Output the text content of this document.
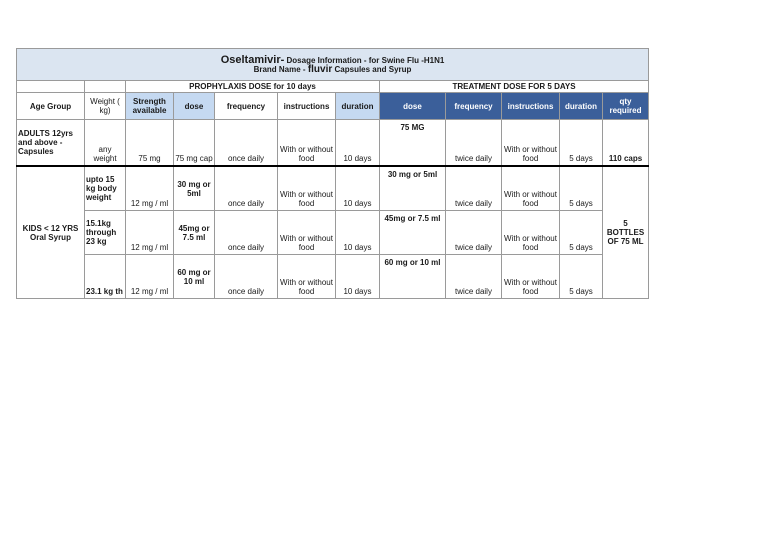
Oseltamivir- Dosage Information - for Swine Flu -H1N1
Brand Name - fluvir Capsules and Syrup											

		PROPHYLAXIS DOSE for 10 days					TREATMENT DOSE FOR 5 DAYS				
Age Group	Weight ( kg)	Strength available	dose	frequency	instructions	duration	dose	frequency	instructions	duration	qty required
ADULTS 12yrs and above -Capsules	any weight	75 mg	75 mg cap	once daily	With or without food	10 days	75 MG	twice daily	With or without food	5 days	110 caps
KIDS < 12 YRS Oral Syrup	upto 15 kg body weight	12 mg / ml	30 mg or 5ml	once daily	With or without food	10 days	30 mg or 5ml	twice daily	With or without food	5 days	5 BOTTLES OF 75 ML
	15.1kg through 23 kg	12 mg / ml	45mg or 7.5 ml	once daily	With or without food	10 days	45mg or 7.5 ml	twice daily	With or without food	5 days	
	23.1 kg th	12 mg / ml	60 mg or 10 ml	once daily	With or without food	10 days	60 mg or 10 ml	twice daily	With or without food	5 days	
